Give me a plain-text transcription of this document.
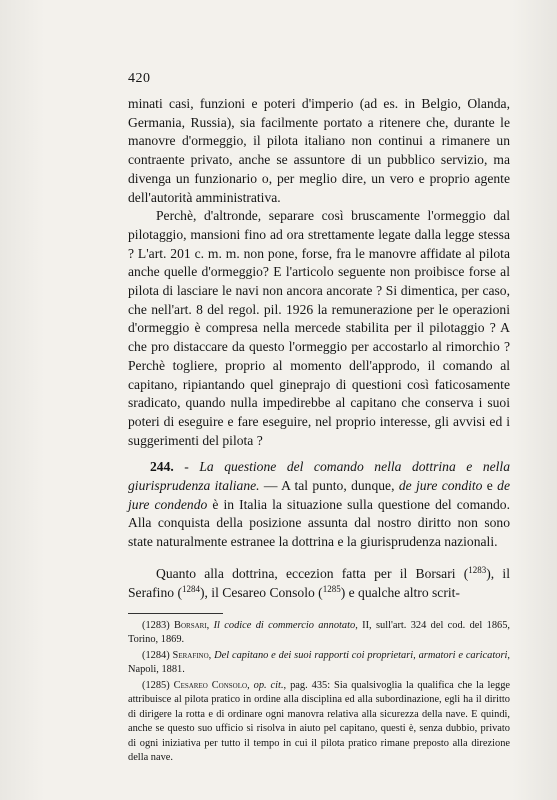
420

minati casi, funzioni e poteri d'imperio (ad es. in Belgio, Olanda, Germania, Russia), sia facilmente portato a ritenere che, durante le manovre d'ormeggio, il pilota italiano non continui a rimanere un contraente privato, anche se assuntore di un pubblico servizio, ma divenga un funzionario o, per meglio dire, un vero e proprio agente dell'autorità amministrativa.

Perchè, d'altronde, separare così bruscamente l'ormeggio dal pilotaggio, mansioni fino ad ora strettamente legate dalla legge stessa ? L'art. 201 c. m. m. non pone, forse, fra le manovre affidate al pilota anche quelle d'ormeggio? E l'articolo seguente non proibisce forse al pilota di lasciare le navi non ancora ancorate ? Si dimentica, per caso, che nell'art. 8 del regol. pil. 1926 la remunerazione per le operazioni d'ormeggio è compresa nella mercede stabilita per il pilotaggio ? A che pro distaccare da questo l'ormeggio per accostarlo al rimorchio ? Perchè togliere, proprio al momento dell'approdo, il comando al capitano, ripiantando quel gineprajo di questioni così faticosamente sradicato, quando nulla impedirebbe al capitano che conserva i suoi poteri di eseguire e fare eseguire, nel proprio interesse, gli avvisi ed i suggerimenti del pilota ?

244. - La questione del comando nella dottrina e nella giurisprudenza italiane. — A tal punto, dunque, de jure condito e de jure condendo è in Italia la situazione sulla questione del comando. Alla conquista della posizione assunta dal nostro diritto non sono state naturalmente estranee la dottrina e la giurisprudenza nazionali.

Quanto alla dottrina, eccezion fatta per il Borsari ($^{1283}$), il Serafino ($^{1284}$), il Cesareo Consolo ($^{1285}$) e qualche altro scrit-

(1283) Borsari, Il codice di commercio annotato, II, sull'art. 324 del cod. del 1865, Torino, 1869.

(1284) Serafino, Del capitano e dei suoi rapporti coi proprietari, armatori e caricatori, Napoli, 1881.

(1285) Cesareo Consolo, op. cit., pag. 435: Sia qualsivoglia la qualifica che la legge attribuisce al pilota pratico in ordine alla disciplina ed alla subordinazione, egli ha il diritto di dirigere la rotta e di ordinare ogni manovra relativa alla sicurezza della nave. E quindi, anche se questo suo ufficio si risolva in aiuto pel capitano, questi è, senza dubbio, privato di ogni iniziativa per tutto il tempo in cui il pilota pratico rimane preposto alla direzione della nave.
